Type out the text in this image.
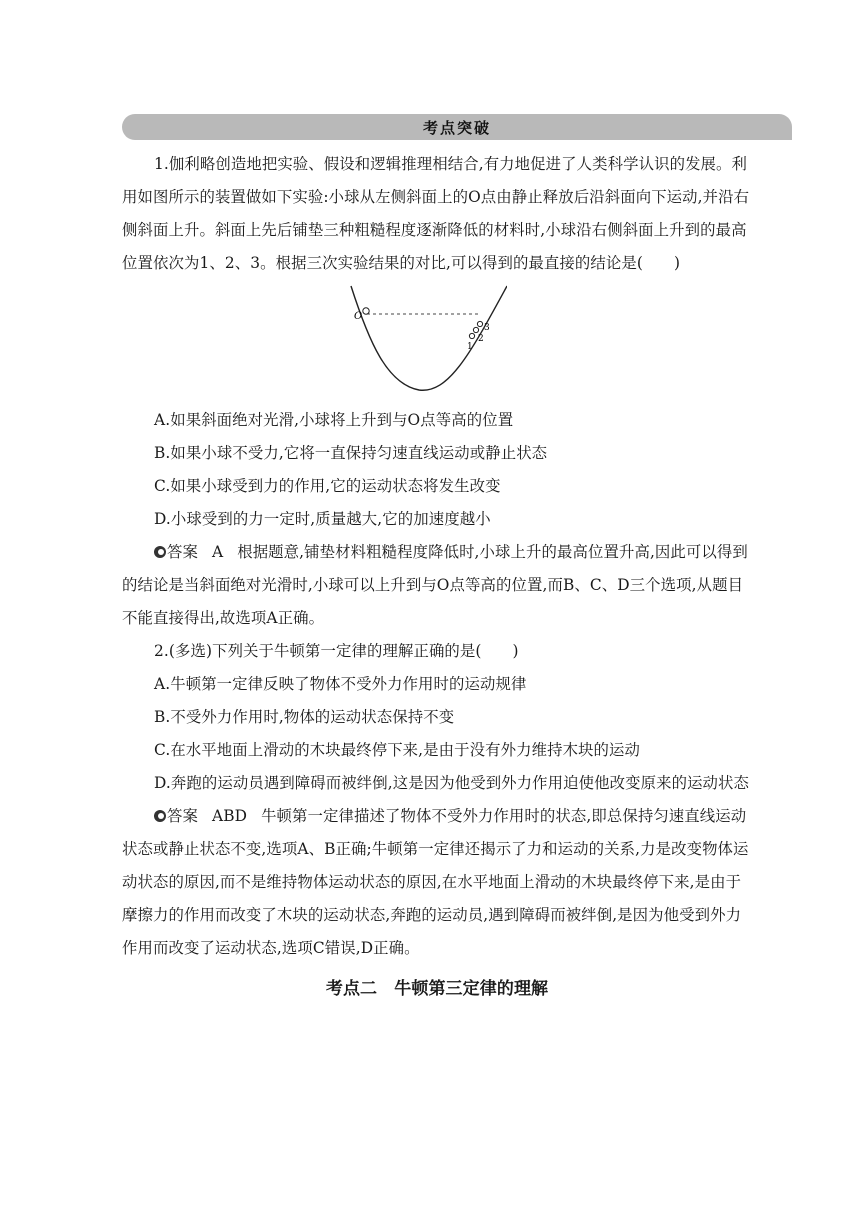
考点突破

1.伽利略创造地把实验、假设和逻辑推理相结合,有力地促进了人类科学认识的发展。利用如图所示的装置做如下实验:小球从左侧斜面上的O点由静止释放后沿斜面向下运动,并沿右侧斜面上升。斜面上先后铺垫三种粗糙程度逐渐降低的材料时,小球沿右侧斜面上升到的最高位置依次为1、2、3。根据三次实验结果的对比,可以得到的最直接的结论是(　　)

O
1
2
3

A.如果斜面绝对光滑,小球将上升到与O点等高的位置

B.如果小球不受力,它将一直保持匀速直线运动或静止状态

C.如果小球受到力的作用,它的运动状态将发生改变

D.小球受到的力一定时,质量越大,它的加速度越小

答案 A 根据题意,铺垫材料粗糙程度降低时,小球上升的最高位置升高,因此可以得到的结论是当斜面绝对光滑时,小球可以上升到与O点等高的位置,而B、C、D三个选项,从题目不能直接得出,故选项A正确。

2.(多选)下列关于牛顿第一定律的理解正确的是(　　)

A.牛顿第一定律反映了物体不受外力作用时的运动规律

B.不受外力作用时,物体的运动状态保持不变

C.在水平地面上滑动的木块最终停下来,是由于没有外力维持木块的运动

D.奔跑的运动员遇到障碍而被绊倒,这是因为他受到外力作用迫使他改变原来的运动状态

答案 ABD 牛顿第一定律描述了物体不受外力作用时的状态,即总保持匀速直线运动状态或静止状态不变,选项A、B正确;牛顿第一定律还揭示了力和运动的关系,力是改变物体运动状态的原因,而不是维持物体运动状态的原因,在水平地面上滑动的木块最终停下来,是由于摩擦力的作用而改变了木块的运动状态,奔跑的运动员,遇到障碍而被绊倒,是因为他受到外力作用而改变了运动状态,选项C错误,D正确。

考点二　牛顿第三定律的理解
